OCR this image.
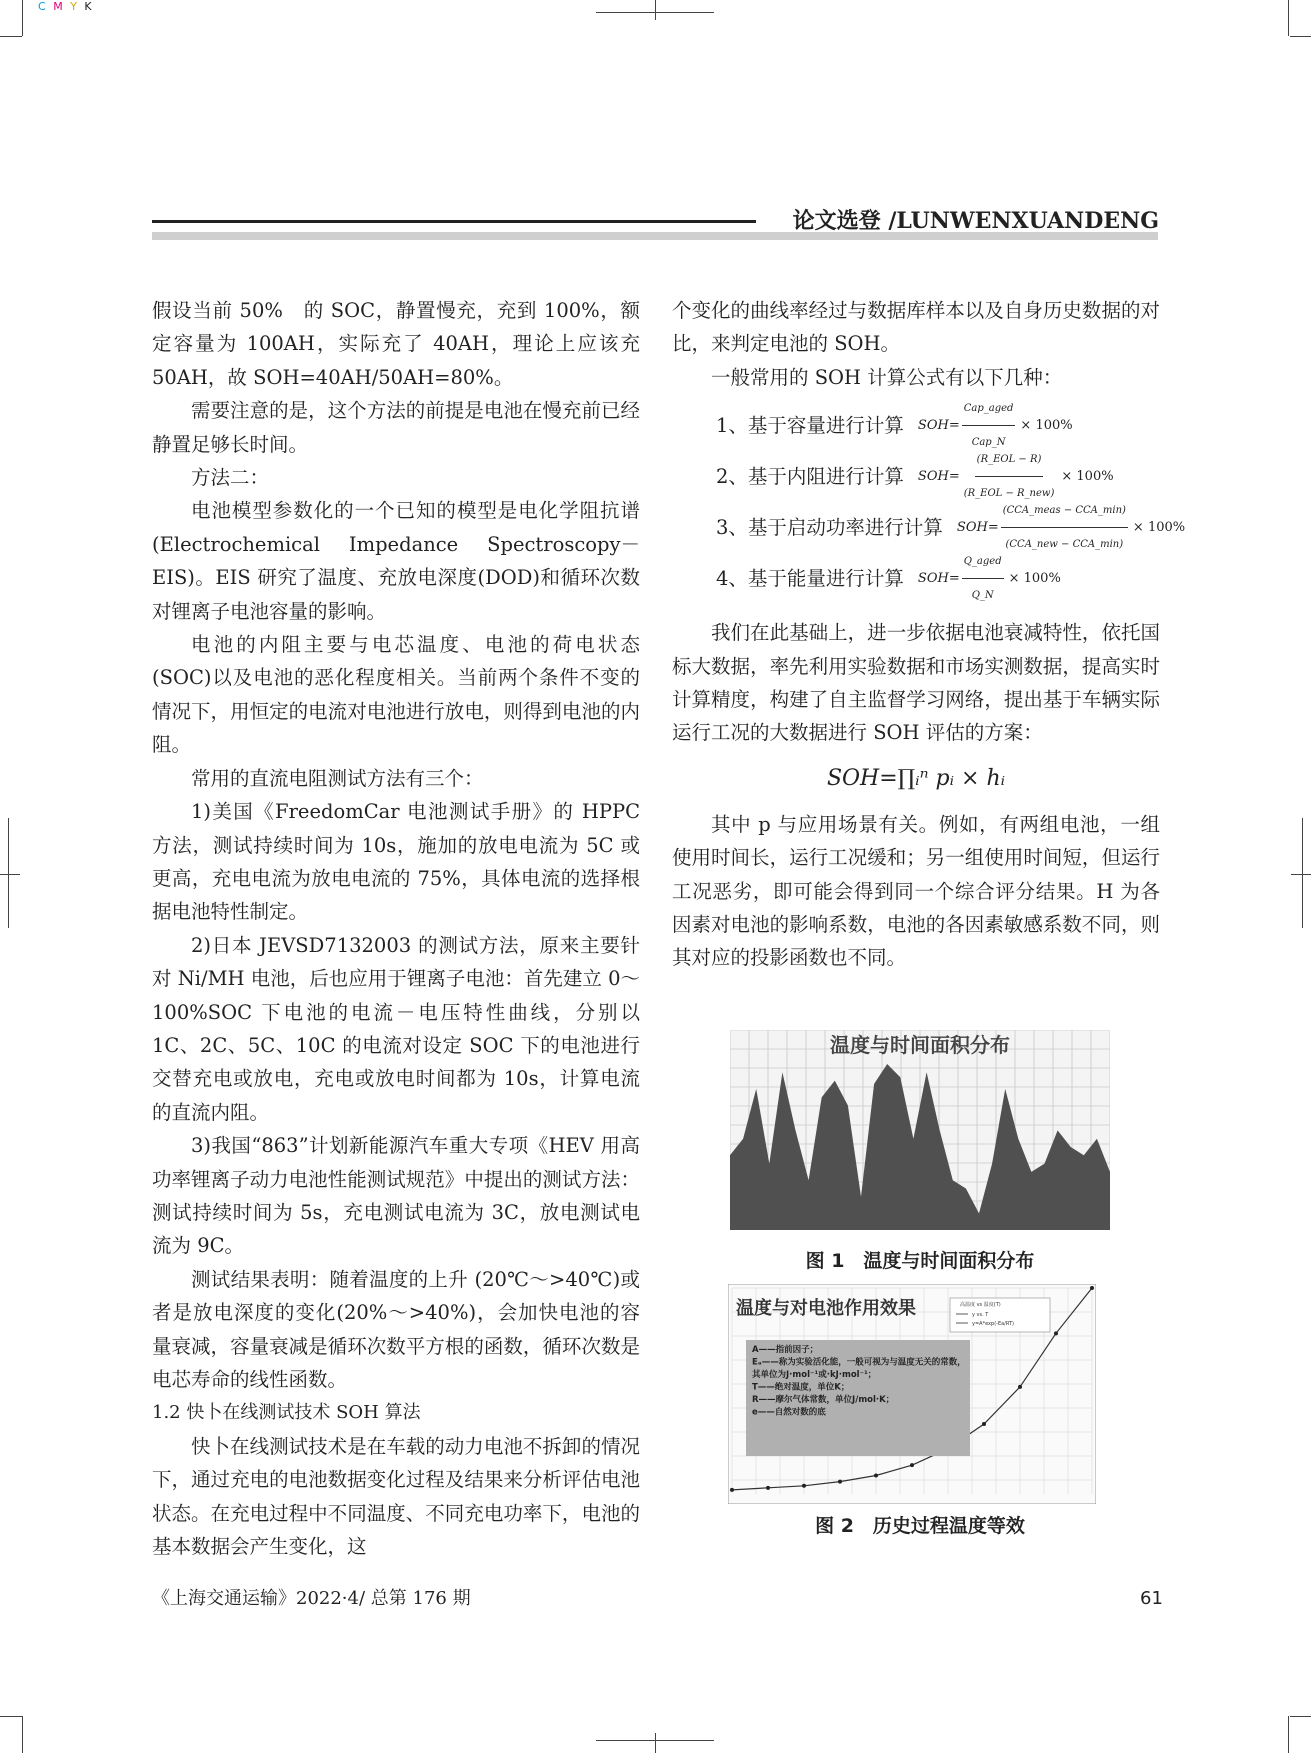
C M Y K
论文选登 /LUNWENXUANDENG

假设当前 50%　的 SOC，静置慢充，充到 100%，额定容量为 100AH，实际充了 40AH，理论上应该充 50AH，故 SOH=40AH/50AH=80%。

需要注意的是，这个方法的前提是电池在慢充前已经静置足够长时间。

方法二：

电池模型参数化的一个已知的模型是电化学阻抗谱 (Electrochemical Impedance Spectroscopy－EIS)。EIS 研究了温度、充放电深度(DOD)和循环次数对锂离子电池容量的影响。

电池的内阻主要与电芯温度、电池的荷电状态(SOC)以及电池的恶化程度相关。当前两个条件不变的情况下，用恒定的电流对电池进行放电，则得到电池的内阻。

常用的直流电阻测试方法有三个：

1)美国《FreedomCar 电池测试手册》的 HPPC 方法，测试持续时间为 10s，施加的放电电流为 5C 或更高，充电电流为放电电流的 75%，具体电流的选择根据电池特性制定。

2)日本 JEVSD7132003 的测试方法，原来主要针对 Ni/MH 电池，后也应用于锂离子电池：首先建立 0～100%SOC 下电池的电流－电压特性曲线，分别以 1C、2C、5C、10C 的电流对设定 SOC 下的电池进行交替充电或放电，充电或放电时间都为 10s，计算电流的直流内阻。

3)我国“863”计划新能源汽车重大专项《HEV 用高功率锂离子动力电池性能测试规范》中提出的测试方法：测试持续时间为 5s，充电测试电流为 3C，放电测试电流为 9C。

测试结果表明：随着温度的上升 (20℃～>40℃)或者是放电深度的变化(20%～>40%)，会加快电池的容量衰减，容量衰减是循环次数平方根的函数，循环次数是电芯寿命的线性函数。

1.2 快卜在线测试技术 SOH 算法

快卜在线测试技术是在车载的动力电池不拆卸的情况下，通过充电的电池数据变化过程及结果来分析评估电池状态。在充电过程中不同温度、不同充电功率下，电池的基本数据会产生变化，这

个变化的曲线率经过与数据库样本以及自身历史数据的对比，来判定电池的 SOH。

一般常用的 SOH 计算公式有以下几种：

1、基于容量进行计算 $SOH= \frac{\text{Cap\_aged}}{\text{Cap\_N}} \times 100\%$
2、基于内阻进行计算 $SOH= \frac{\text{(R\_EOL − R)}}{\text{(R\_EOL − R\_new)}} \times 100\%$
3、基于启动功率进行计算 $SOH= \frac{\text{(CCA\_meas − CCA\_min)}}{\text{(CCA\_new − CCA\_min)}} \times 100\%$
4、基于能量进行计算 $SOH= \frac{\text{Q\_aged}}{Q\_N} \times 100\%$

我们在此基础上，进一步依据电池衰减特性，依托国标大数据，率先利用实验数据和市场实测数据，提高实时计算精度，构建了自主监督学习网络，提出基于车辆实际运行工况的大数据进行 SOH 评估的方案：

SOH=∏ᵢⁿ pᵢ × hᵢ

其中 p 与应用场景有关。例如，有两组电池，一组使用时间长，运行工况缓和；另一组使用时间短，但运行工况恶劣，即可能会得到同一个综合评分结果。H 为各因素对电池的影响系数，电池的各因素敏感系数不同，则其对应的投影函数也不同。

温度与时间面积分布
图 1　温度与时间面积分布
温度与对电池作用效果	高温度 vs 温度(T)
y vs. T
y=A*exp(-Ea/RT)
A——指前因子；
Eₐ——称为实验活化能，一般可视为与温度无关的常数，
其单位为J·mol⁻¹或·kJ·mol⁻¹；
T——绝对温度，单位K；
R——摩尔气体常数，单位J/mol·K；
e——自然对数的底
图 2　历史过程温度等效
《上海交通运输》2022·4/ 总第 176 期	61
